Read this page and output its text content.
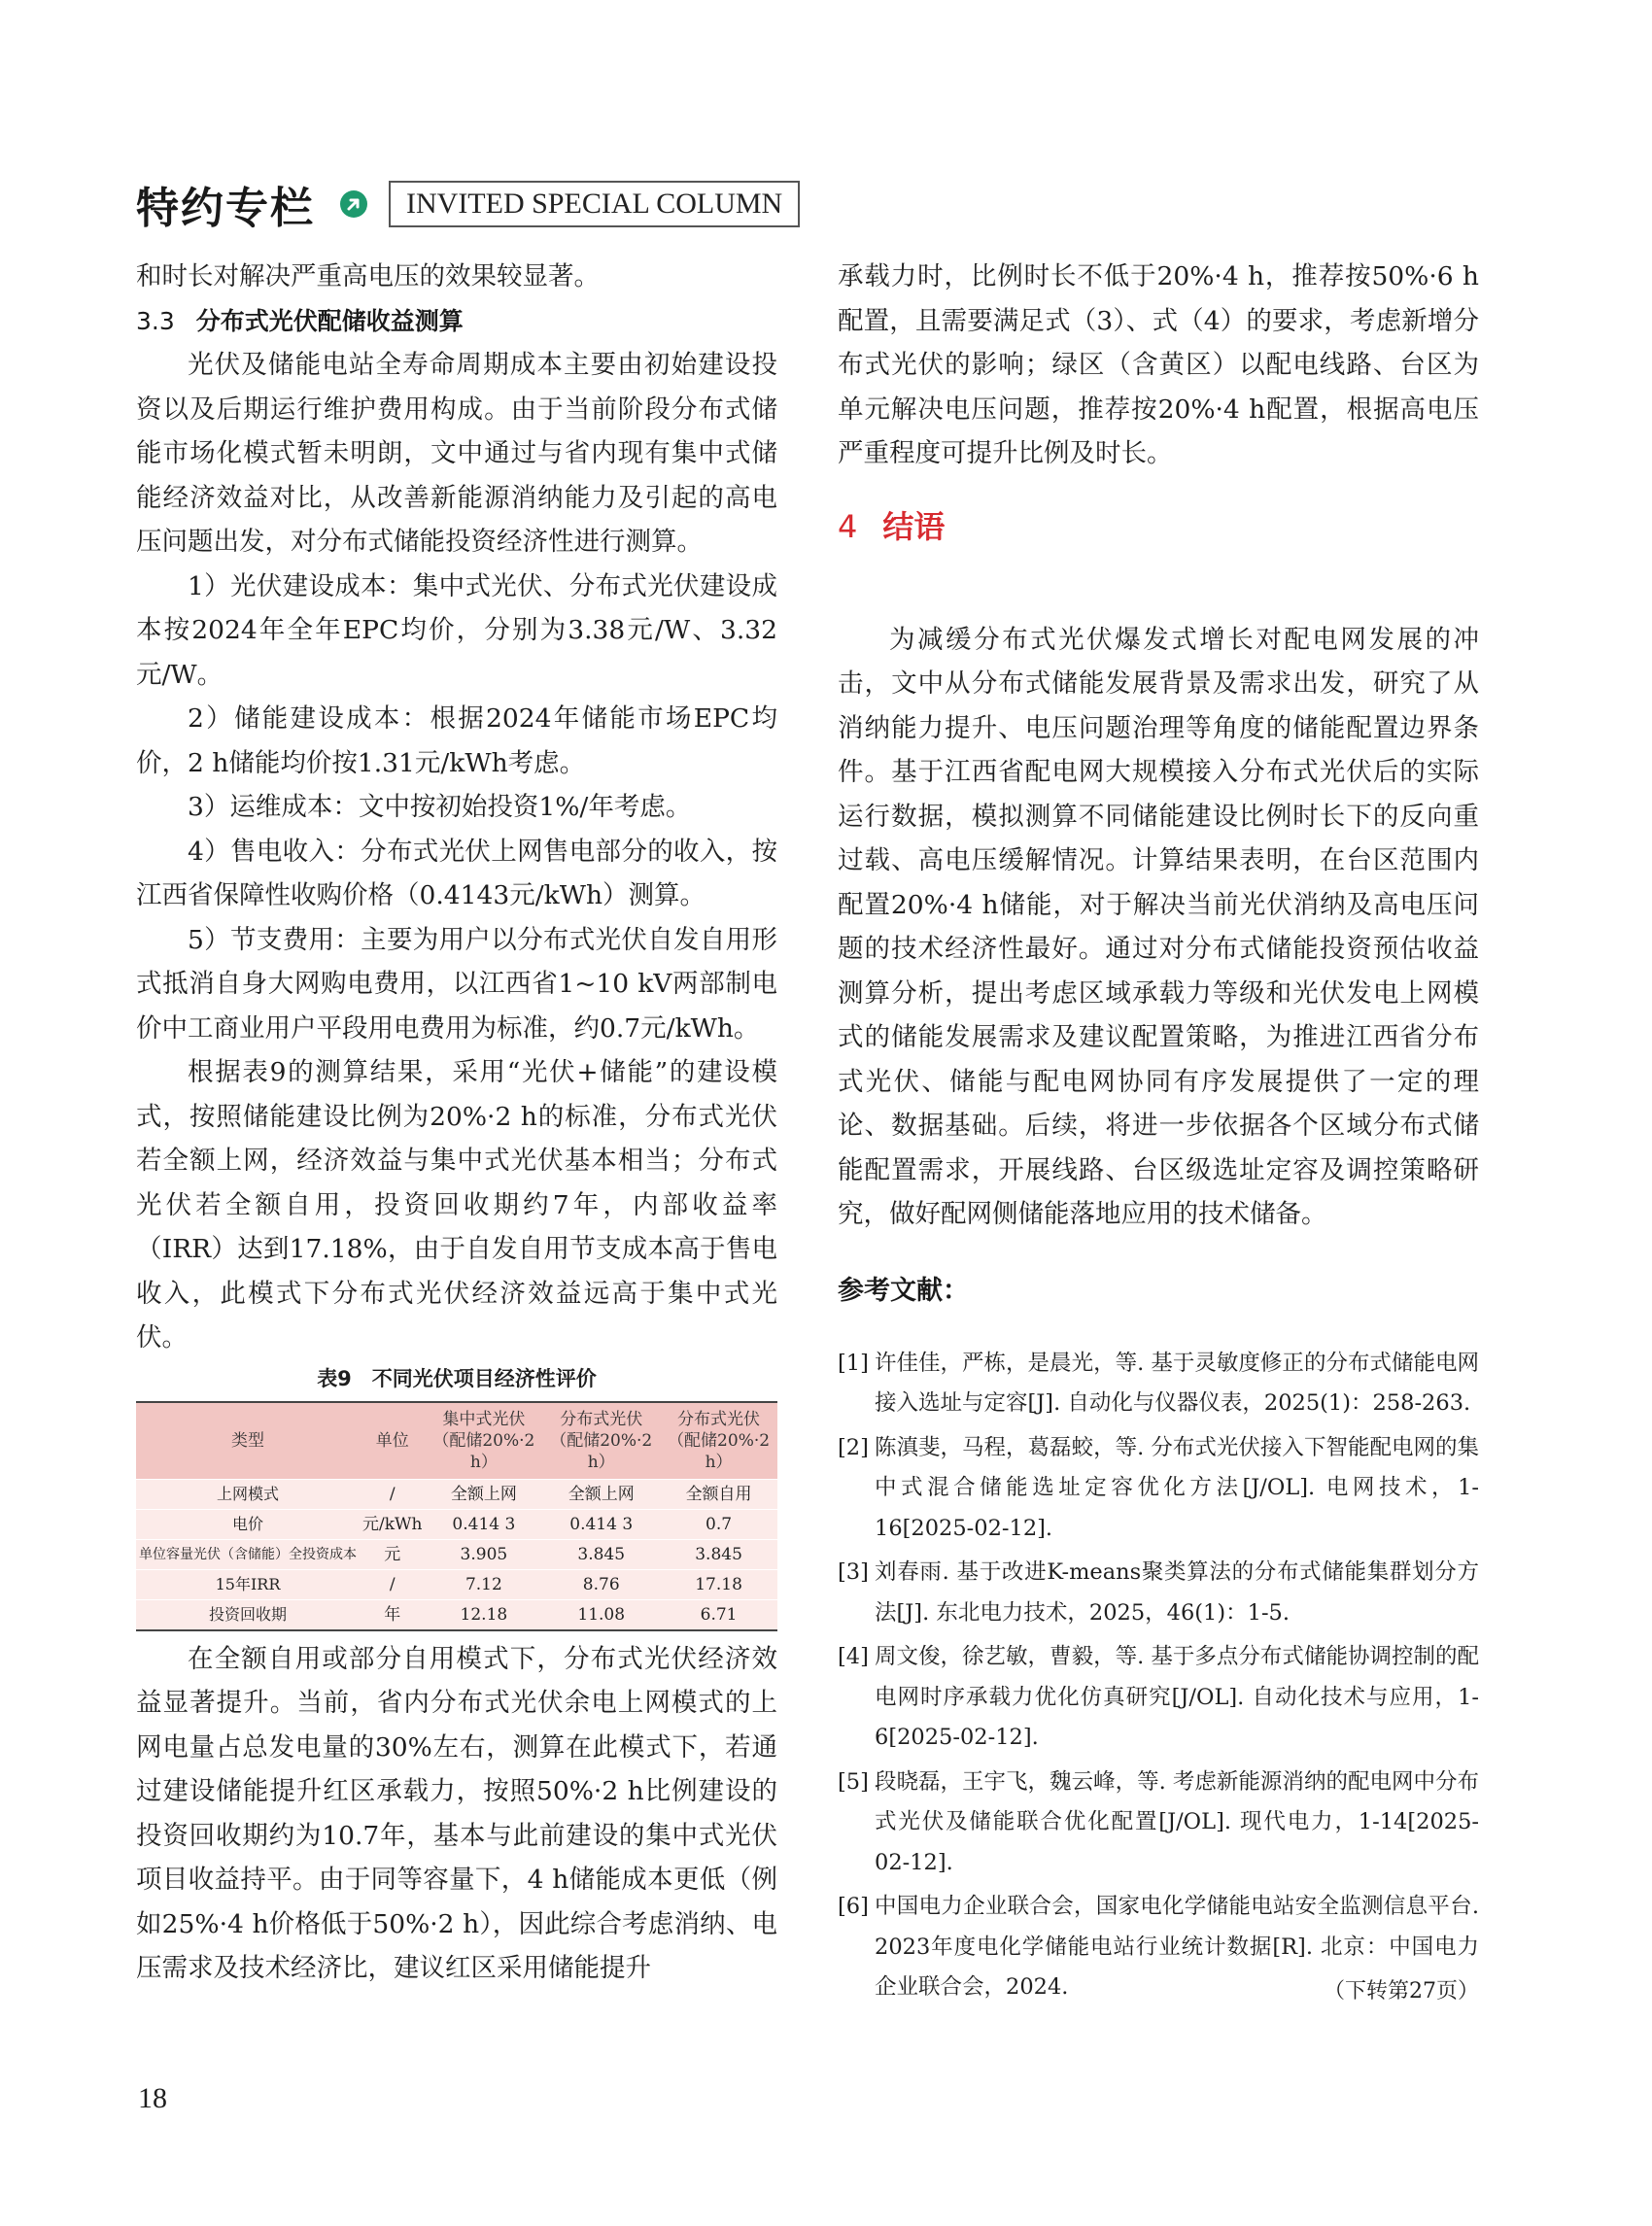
特约专栏	INVITED SPECIAL COLUMN

和时长对解决严重高电压的效果较显著。

3.3 分布式光伏配储收益测算

光伏及储能电站全寿命周期成本主要由初始建设投资以及后期运行维护费用构成。由于当前阶段分布式储能市场化模式暂未明朗，文中通过与省内现有集中式储能经济效益对比，从改善新能源消纳能力及引起的高电压问题出发，对分布式储能投资经济性进行测算。

1）光伏建设成本：集中式光伏、分布式光伏建设成本按2024年全年EPC均价，分别为3.38元/W、3.32元/W。

2）储能建设成本：根据2024年储能市场EPC均价，2 h储能均价按1.31元/kWh考虑。

3）运维成本：文中按初始投资1%/年考虑。

4）售电收入：分布式光伏上网售电部分的收入，按江西省保障性收购价格（0.4143元/kWh）测算。

5）节支费用：主要为用户以分布式光伏自发自用形式抵消自身大网购电费用，以江西省1~10 kV两部制电价中工商业用户平段用电费用为标准，约0.7元/kWh。

根据表9的测算结果，采用“光伏+储能”的建设模式，按照储能建设比例为20%·2 h的标准，分布式光伏若全额上网，经济效益与集中式光伏基本相当；分布式光伏若全额自用，投资回收期约7年，内部收益率（IRR）达到17.18%，由于自发自用节支成本高于售电收入，此模式下分布式光伏经济效益远高于集中式光伏。

表9　不同光伏项目经济性评价
类型	单位	集中式光伏（配储20%·2 h）	分布式光伏（配储20%·2 h）	分布式光伏（配储20%·2 h）
上网模式	/	全额上网	全额上网	全额自用
电价	元/kWh	0.414 3	0.414 3	0.7
单位容量光伏（含储能）全投资成本	元	3.905	3.845	3.845
15年IRR	/	7.12	8.76	17.18
投资回收期	年	12.18	11.08	6.71

在全额自用或部分自用模式下，分布式光伏经济效益显著提升。当前，省内分布式光伏余电上网模式的上网电量占总发电量的30%左右，测算在此模式下，若通过建设储能提升红区承载力，按照50%·2 h比例建设的投资回收期约为10.7年，基本与此前建设的集中式光伏项目收益持平。由于同等容量下，4 h储能成本更低（例如25%·4 h价格低于50%·2 h），因此综合考虑消纳、电压需求及技术经济比，建议红区采用储能提升

承载力时，比例时长不低于20%·4 h，推荐按50%·6 h配置，且需要满足式（3）、式（4）的要求，考虑新增分布式光伏的影响；绿区（含黄区）以配电线路、台区为单元解决电压问题，推荐按20%·4 h配置，根据高电压严重程度可提升比例及时长。

4 结语

为减缓分布式光伏爆发式增长对配电网发展的冲击，文中从分布式储能发展背景及需求出发，研究了从消纳能力提升、电压问题治理等角度的储能配置边界条件。基于江西省配电网大规模接入分布式光伏后的实际运行数据，模拟测算不同储能建设比例时长下的反向重过载、高电压缓解情况。计算结果表明，在台区范围内配置20%·4 h储能，对于解决当前光伏消纳及高电压问题的技术经济性最好。通过对分布式储能投资预估收益测算分析，提出考虑区域承载力等级和光伏发电上网模式的储能发展需求及建议配置策略，为推进江西省分布式光伏、储能与配电网协同有序发展提供了一定的理论、数据基础。后续，将进一步依据各个区域分布式储能配置需求，开展线路、台区级选址定容及调控策略研究，做好配网侧储能落地应用的技术储备。

参考文献：
[1] 许佳佳，严栋，是晨光，等. 基于灵敏度修正的分布式储能电网接入选址与定容[J]. 自动化与仪器仪表，2025(1)：258-263.
[2] 陈滇斐，马程，葛磊蛟，等. 分布式光伏接入下智能配电网的集中式混合储能选址定容优化方法[J/OL]. 电网技术，1-16[2025-02-12].
[3] 刘春雨. 基于改进K-means聚类算法的分布式储能集群划分方法[J]. 东北电力技术，2025，46(1)：1-5.
[4] 周文俊，徐艺敏，曹毅，等. 基于多点分布式储能协调控制的配电网时序承载力优化仿真研究[J/OL]. 自动化技术与应用，1-6[2025-02-12].
[5] 段晓磊，王宇飞，魏云峰，等. 考虑新能源消纳的配电网中分布式光伏及储能联合优化配置[J/OL]. 现代电力，1-14[2025-02-12].
[6] 中国电力企业联合会，国家电化学储能电站安全监测信息平台. 2023年度电化学储能电站行业统计数据[R]. 北京：中国电力企业联合会，2024.	（下转第27页）
18
